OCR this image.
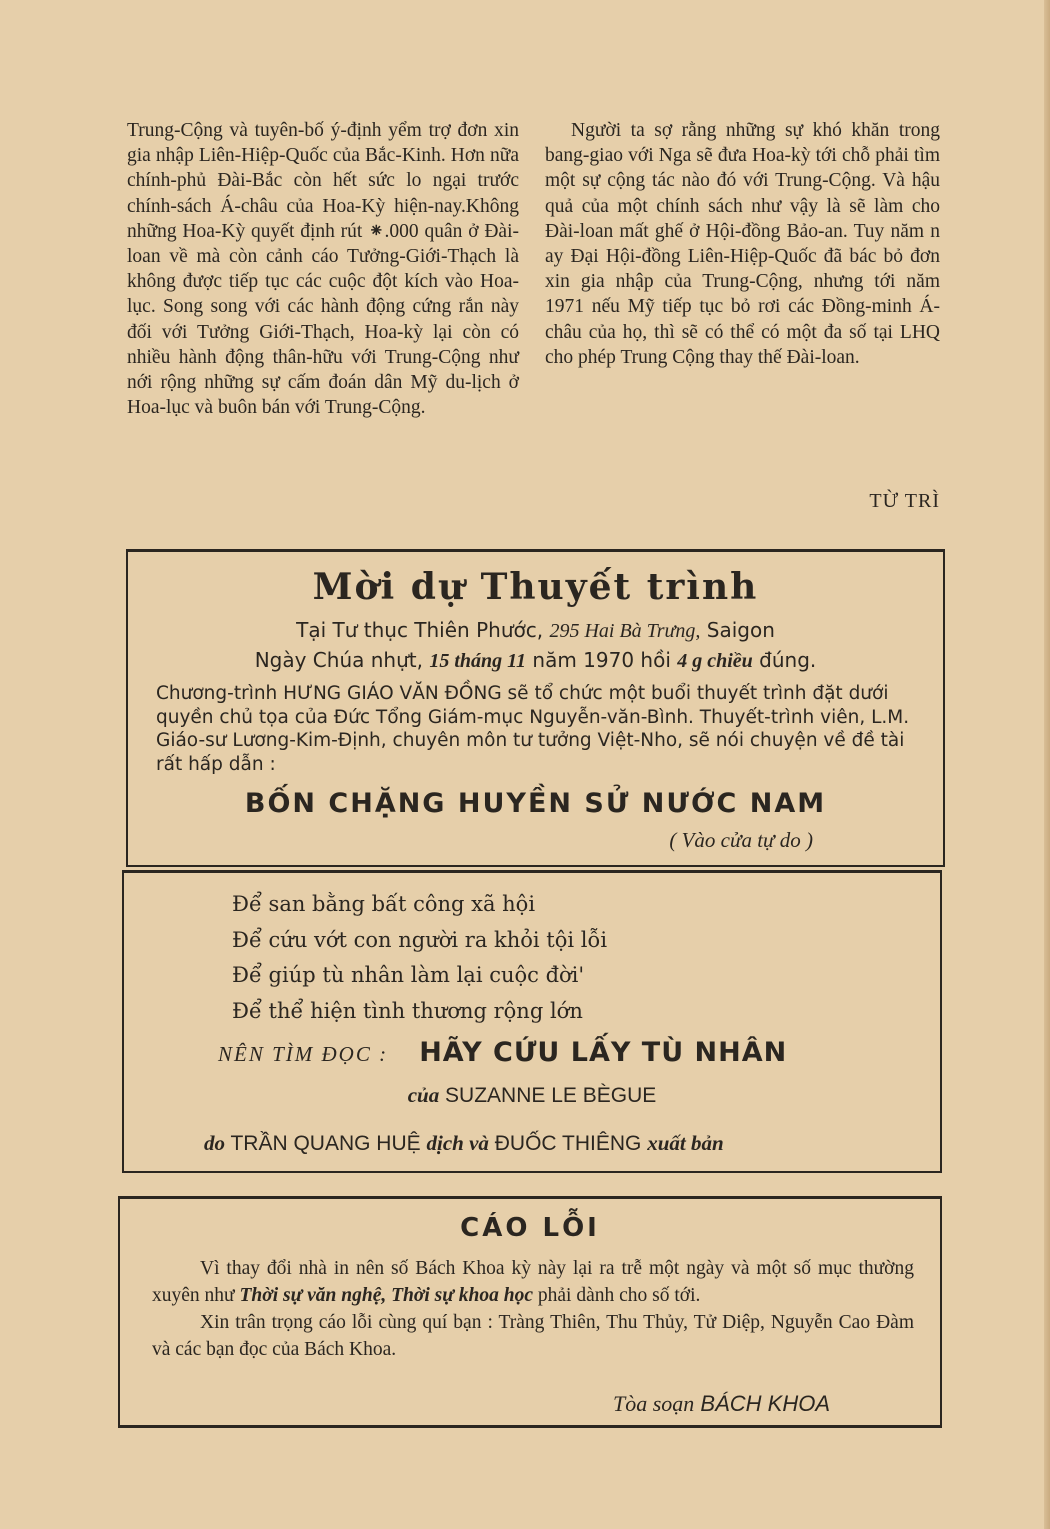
Trung-Cộng và tuyên-bố ý-định yểm trợ đơn xin gia nhập Liên-Hiệp-Quốc của Bắc-Kinh. Hơn nữa chính-phủ Đài-Bắc còn hết sức lo ngại trước chính-sách Á-châu của Hoa-Kỳ hiện-nay.Không những Hoa-Kỳ quyết định rút ⁕.000 quân ở Đài-loan về mà còn cảnh cáo Tưởng-Giới-Thạch là không được tiếp tục các cuộc đột kích vào Hoa-lục. Song song với các hành động cứng rắn này đối với Tưởng Giới-Thạch, Hoa-kỳ lại còn có nhiều hành động thân-hữu với Trung-Cộng như nới rộng những sự cấm đoán dân Mỹ du-lịch ở Hoa-lục và buôn bán với Trung-Cộng.

Người ta sợ rằng những sự khó khăn trong bang-giao với Nga sẽ đưa Hoa-kỳ tới chỗ phải tìm một sự cộng tác nào đó với Trung-Cộng. Và hậu quả của một chính sách như vậy là sẽ làm cho Đài-loan mất ghế ở Hội-đồng Bảo-an. Tuy năm n ay Đại Hội-đồng Liên-Hiệp-Quốc đã bác bỏ đơn xin gia nhập của Trung-Cộng, nhưng tới năm 1971 nếu Mỹ tiếp tục bỏ rơi các Đồng-minh Á-châu của họ, thì sẽ có thể có một đa số tại LHQ cho phép Trung Cộng thay thế Đài-loan.

TỪ TRÌ
Mời dự Thuyết trình
Tại Tư thục Thiên Phước, 295 Hai Bà Trưng, Saigon
Ngày Chúa nhựt, 15 tháng 11 năm 1970 hồi 4 g chiều đúng.

Chương-trình HƯNG GIÁO VĂN ĐỒNG sẽ tổ chức một buổi thuyết trình đặt dưới quyền chủ tọa của Đức Tổng Giám-mục Nguyễn-văn-Bình. Thuyết-trình viên, L.M. Giáo-sư Lương-Kim-Định, chuyên môn tư tưởng Việt-Nho, sẽ nói chuyện về đề tài rất hấp dẫn :

BỐN CHẶNG HUYỀN SỬ NƯỚC NAM
( Vào cửa tự do )
Để san bằng bất công xã hội
Để cứu vớt con người ra khỏi tội lỗi
Để giúp tù nhân làm lại cuộc đời'
Để thể hiện tình thương rộng lớn
NÊN TÌM ĐỌC : HÃY CỨU LẤY TÙ NHÂN
của SUZANNE LE BÈGUE
do TRẦN QUANG HUỆ dịch và ĐUỐC THIÊNG xuất bản
CÁO LỖI

Vì thay đổi nhà in nên số Bách Khoa kỳ này lại ra trễ một ngày và một số mục thường xuyên như Thời sự văn nghệ, Thời sự khoa học phải dành cho số tới.

Xin trân trọng cáo lỗi cùng quí bạn : Tràng Thiên, Thu Thủy, Tử Diệp, Nguyễn Cao Đàm và các bạn đọc của Bách Khoa.

Tòa soạn BÁCH KHOA
